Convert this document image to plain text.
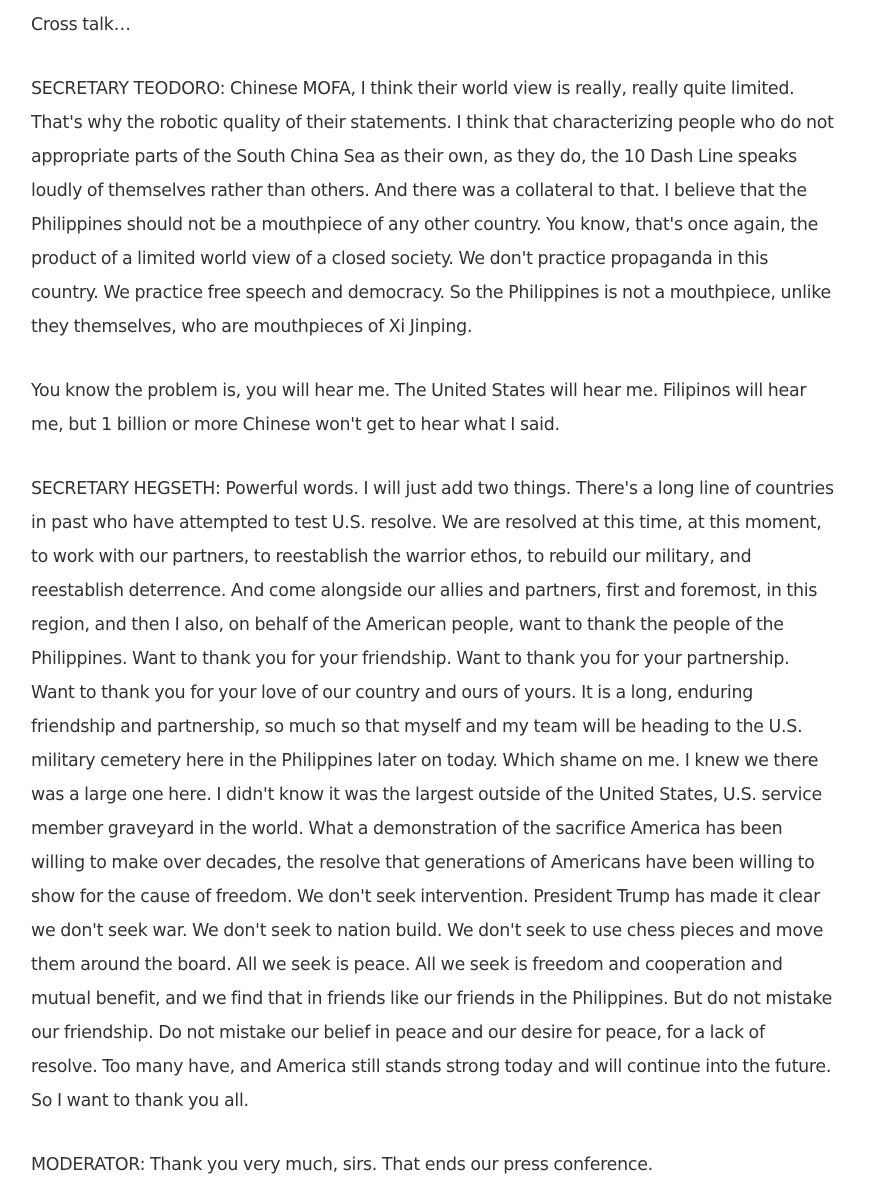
Cross talk…

SECRETARY TEODORO: Chinese MOFA, I think their world view is really, really quite limited. That's why the robotic quality of their statements. I think that characterizing people who do not appropriate parts of the South China Sea as their own, as they do, the 10 Dash Line speaks loudly of themselves rather than others. And there was a collateral to that. I believe that the Philippines should not be a mouthpiece of any other country. You know, that's once again, the product of a limited world view of a closed society. We don't practice propaganda in this country. We practice free speech and democracy. So the Philippines is not a mouthpiece, unlike they themselves, who are mouthpieces of Xi Jinping.

You know the problem is, you will hear me. The United States will hear me. Filipinos will hear me, but 1 billion or more Chinese won't get to hear what I said.

SECRETARY HEGSETH: Powerful words. I will just add two things. There's a long line of countries in past who have attempted to test U.S. resolve. We are resolved at this time, at this moment, to work with our partners, to reestablish the warrior ethos, to rebuild our military, and reestablish deterrence. And come alongside our allies and partners, first and foremost, in this region, and then I also, on behalf of the American people, want to thank the people of the Philippines. Want to thank you for your friendship. Want to thank you for your partnership. Want to thank you for your love of our country and ours of yours. It is a long, enduring friendship and partnership, so much so that myself and my team will be heading to the U.S. military cemetery here in the Philippines later on today. Which shame on me. I knew we there was a large one here. I didn't know it was the largest outside of the United States, U.S. service member graveyard in the world. What a demonstration of the sacrifice America has been willing to make over decades, the resolve that generations of Americans have been willing to show for the cause of freedom. We don't seek intervention. President Trump has made it clear we don't seek war. We don't seek to nation build. We don't seek to use chess pieces and move them around the board. All we seek is peace. All we seek is freedom and cooperation and mutual benefit, and we find that in friends like our friends in the Philippines. But do not mistake our friendship. Do not mistake our belief in peace and our desire for peace, for a lack of resolve. Too many have, and America still stands strong today and will continue into the future. So I want to thank you all.

MODERATOR: Thank you very much, sirs. That ends our press conference.
